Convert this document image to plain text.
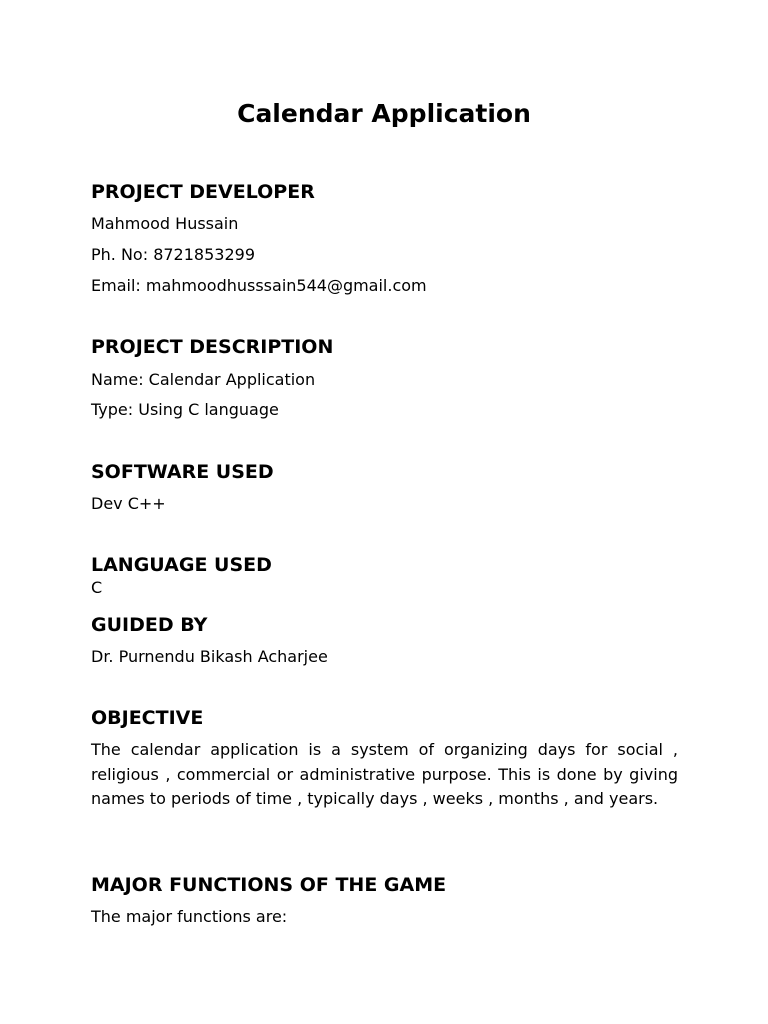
Calendar Application
PROJECT DEVELOPER
Mahmood Hussain
Ph. No: 8721853299
Email: mahmoodhusssain544@gmail.com
PROJECT DESCRIPTION
Name: Calendar Application
Type: Using C language
SOFTWARE USED
Dev C++
LANGUAGE USED
C
GUIDED BY
Dr. Purnendu Bikash Acharjee
OBJECTIVE
The calendar application is a system of organizing days for social , religious , commercial or administrative purpose. This is done by giving names to periods of time , typically days , weeks , months , and years.
MAJOR FUNCTIONS OF THE GAME
The major functions are:
